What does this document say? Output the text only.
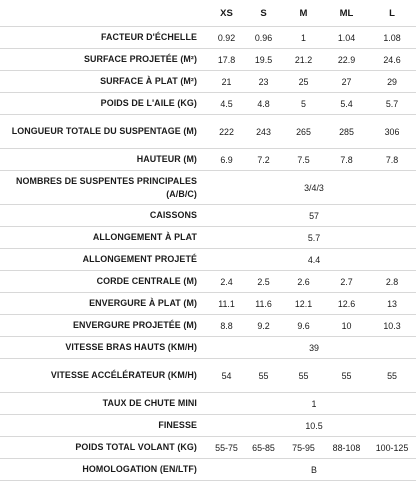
	XS	S	M	ML	L
FACTEUR D'ÉCHELLE	0.92	0.96	1	1.04	1.08
SURFACE PROJETÉE (M²)	17.8	19.5	21.2	22.9	24.6
SURFACE À PLAT (M²)	21	23	25	27	29
POIDS DE L'AILE (KG)	4.5	4.8	5	5.4	5.7
LONGUEUR TOTALE DU SUSPENTAGE (M)	222	243	265	285	306
HAUTEUR (M)	6.9	7.2	7.5	7.8	7.8
NOMBRES DE SUSPENTES PRINCIPALES (A/B/C)	3/4/3				
CAISSONS	57				
ALLONGEMENT À PLAT	5.7				
ALLONGEMENT PROJETÉ	4.4				
CORDE CENTRALE (M)	2.4	2.5	2.6	2.7	2.8
ENVERGURE À PLAT (M)	11.1	11.6	12.1	12.6	13
ENVERGURE PROJETÉE (M)	8.8	9.2	9.6	10	10.3
VITESSE BRAS HAUTS (KM/H)	39				
VITESSE ACCÉLÉRATEUR (KM/H)	54	55	55	55	55
TAUX DE CHUTE MINI	1				
FINESSE	10.5				
POIDS TOTAL VOLANT (KG)	55-75	65-85	75-95	88-108	100-125
HOMOLOGATION (EN/LTF)	B				
